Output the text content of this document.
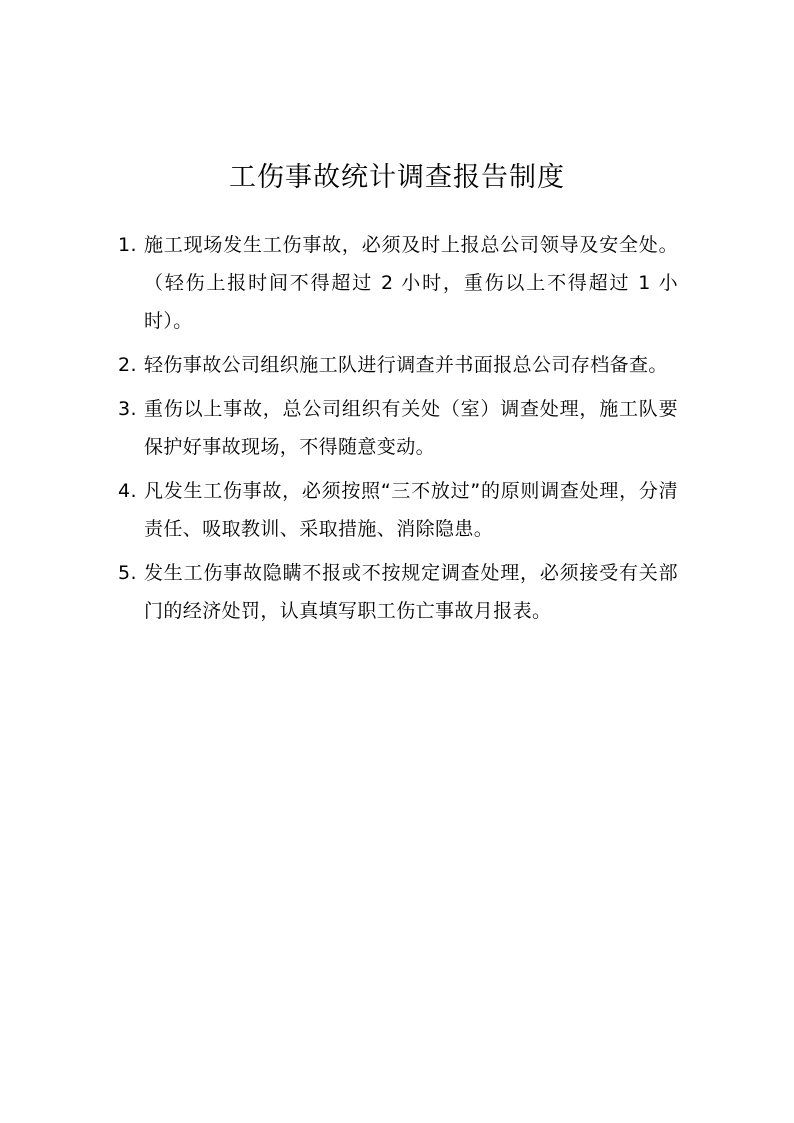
工伤事故统计调查报告制度
1. 施工现场发生工伤事故，必须及时上报总公司领导及安全处。（轻伤上报时间不得超过 2 小时，重伤以上不得超过 1 小时）。
2. 轻伤事故公司组织施工队进行调查并书面报总公司存档备查。
3. 重伤以上事故，总公司组织有关处（室）调查处理，施工队要保护好事故现场，不得随意变动。
4. 凡发生工伤事故，必须按照“三不放过”的原则调查处理，分清责任、吸取教训、采取措施、消除隐患。
5. 发生工伤事故隐瞒不报或不按规定调查处理，必须接受有关部门的经济处罚，认真填写职工伤亡事故月报表。
